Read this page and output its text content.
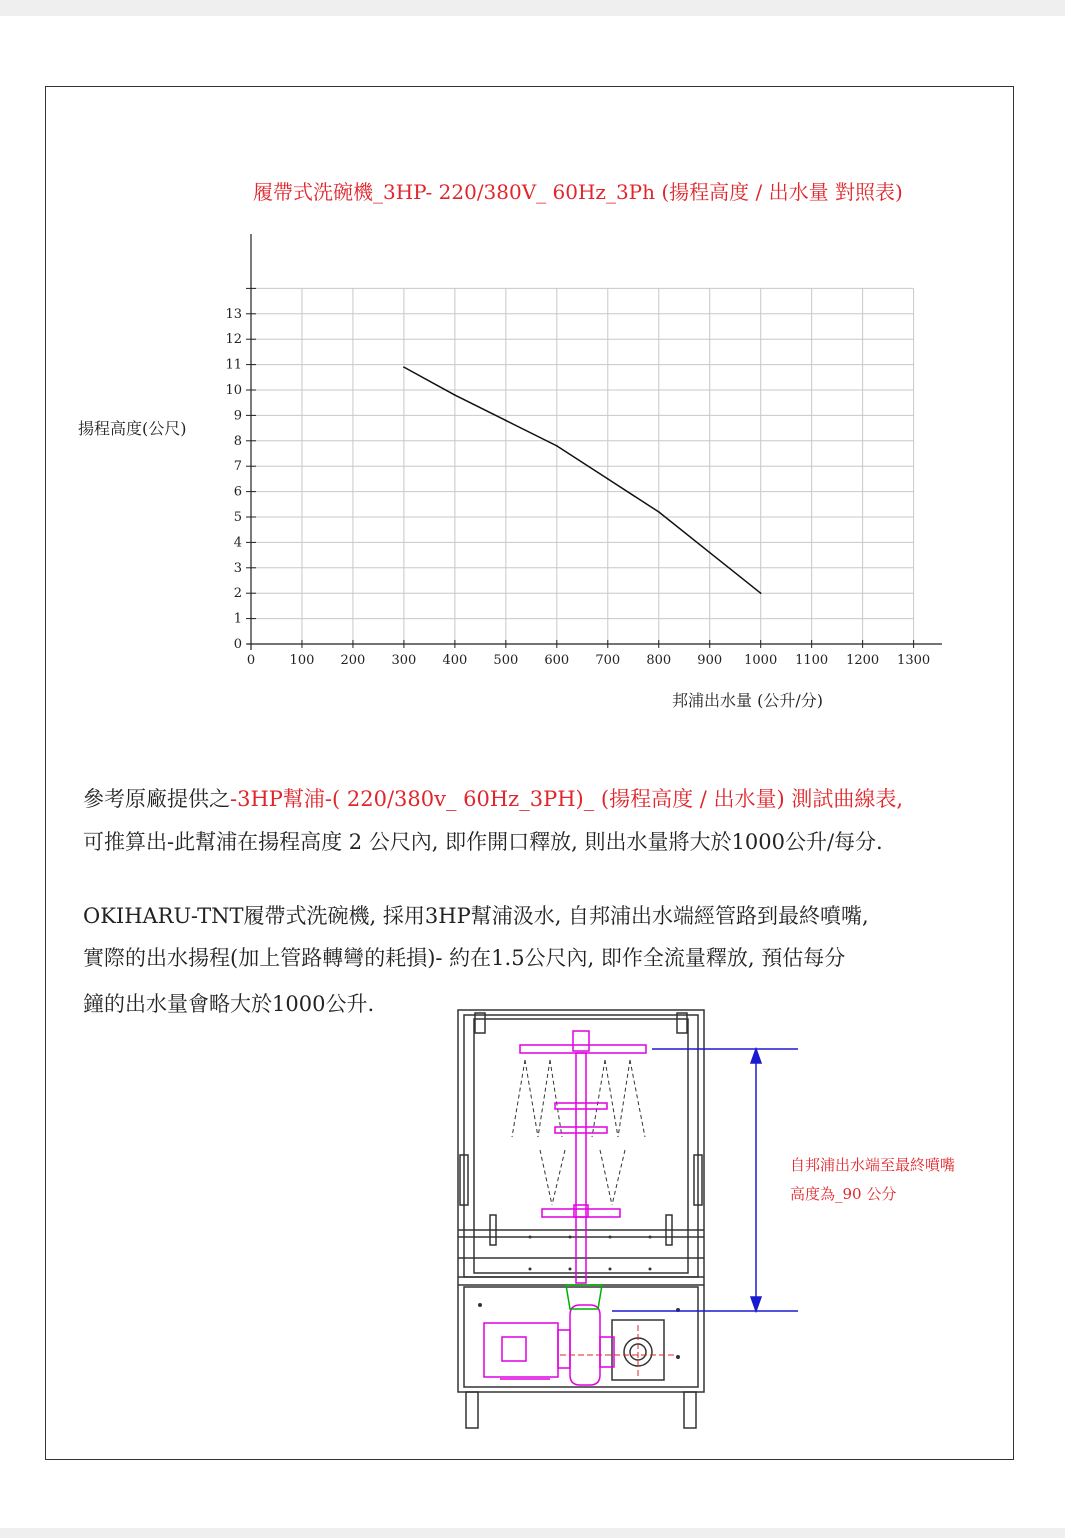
履帶式洗碗機_3HP- 220/380V_ 60Hz_3Ph (揚程高度 / 出水量 對照表)
0	100 200 300 400 500 600 700 800 900 1000 1100 1200 1300
0
1
2
3
4
5
6
7
8
9
10
11
12
13
揚程高度(公尺)
邦浦出水量 (公升/分)
參考原廠提供之-3HP幫浦-( 220/380v_ 60Hz_3PH)_ (揚程高度 / 出水量) 測試曲線表,
可推算出-此幫浦在揚程高度 2 公尺內, 即作開口釋放, 則出水量將大於1000公升/每分.
OKIHARU-TNT履帶式洗碗機, 採用3HP幫浦汲水, 自邦浦出水端經管路到最終噴嘴,
實際的出水揚程(加上管路轉彎的耗損)- 約在1.5公尺內, 即作全流量釋放, 預估每分
鐘的出水量會略大於1000公升.
自邦浦出水端至最終噴嘴
高度為_90 公分
